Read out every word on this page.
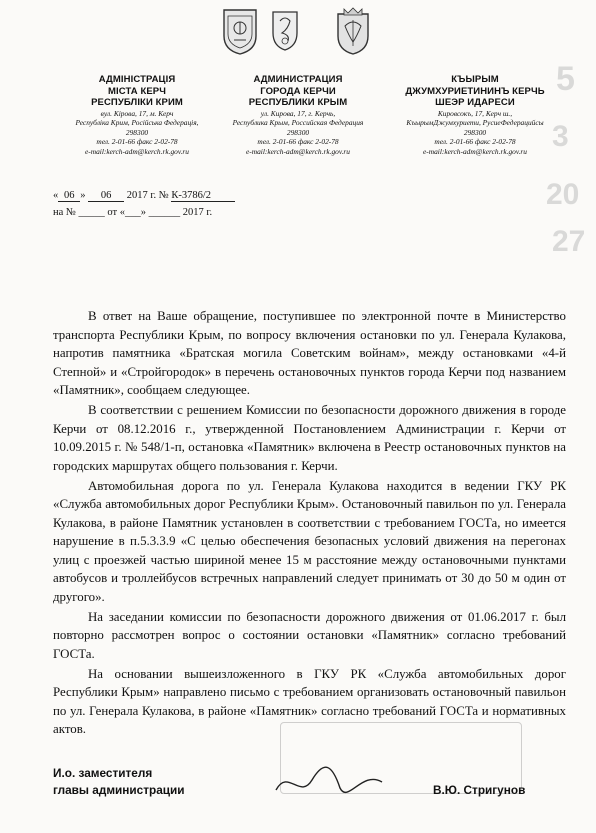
5
3
20
27
АДМІНІСТРАЦІЯ
МІСТА КЕРЧ
РЕСПУБЛІКИ КРИМ
вул. Кірова, 17, м. Керч
Республіка Крим, Російська Федерація,
298300
тел. 2-01-66 факс 2-02-78
e-mail:kerch-adm@kerch.rk.gov.ru
АДМИНИСТРАЦИЯ
ГОРОДА КЕРЧИ
РЕСПУБЛИКИ КРЫМ
ул. Кирова, 17, г. Керчь,
Республика Крым, Российская Федерация
298300
тел. 2-01-66 факс 2-02-78
e-mail:kerch-adm@kerch.rk.gov.ru
КЪЫРЫМ
ДЖУМХУРИЕТИНИНЪ КЕРЧЬ
ШЕЭР ИДАРЕСИ
Кировсокъ, 17, Керч ш.,
КъырымДжумхуриети, РусиеФедерацийсы
298300
тел. 2-01-66 факс 2-02-78
e-mail:kerch-adm@kerch.rk.gov.ru
« 06 » 06 2017 г. № К-3786/2
на № _____ от «___» ______ 2017 г.

В ответ на Ваше обращение, поступившее по электронной почте в Министерство транспорта Республики Крым, по вопросу включения остановки по ул. Генерала Кулакова, напротив памятника «Братская могила Советским войнам», между остановками «4-й Степной» и «Стройгородок» в перечень остановочных пунктов города Керчи под названием «Памятник», сообщаем следующее.

В соответствии с решением Комиссии по безопасности дорожного движения в городе Керчи от 08.12.2016 г., утвержденной Постановлением Администрации г. Керчи от 10.09.2015 г. № 548/1-п, остановка «Памятник» включена в Реестр остановочных пунктов на городских маршрутах общего пользования г. Керчи.

Автомобильная дорога по ул. Генерала Кулакова находится в ведении ГКУ РК «Служба автомобильных дорог Республики Крым». Остановочный павильон по ул. Генерала Кулакова, в районе Памятник установлен в соответствии с требованием ГОСТа, но имеется нарушение в п.5.3.3.9 «С целью обеспечения безопасных условий движения на перегонах улиц с проезжей частью шириной менее 15 м расстояние между остановочными пунктами автобусов и троллейбусов встречных направлений следует принимать от 30 до 50 м один от другого».

На заседании комиссии по безопасности дорожного движения от 01.06.2017 г. был повторно рассмотрен вопрос о состоянии остановки «Памятник» согласно требований ГОСТа.

На основании вышеизложенного в ГКУ РК «Служба автомобильных дорог Республики Крым» направлено письмо с требованием организовать остановочный павильон по ул. Генерала Кулакова, в районе «Памятник» согласно требований ГОСТа и нормативных актов.

И.о. заместителя
главы администрации	В.Ю. Стригунов
